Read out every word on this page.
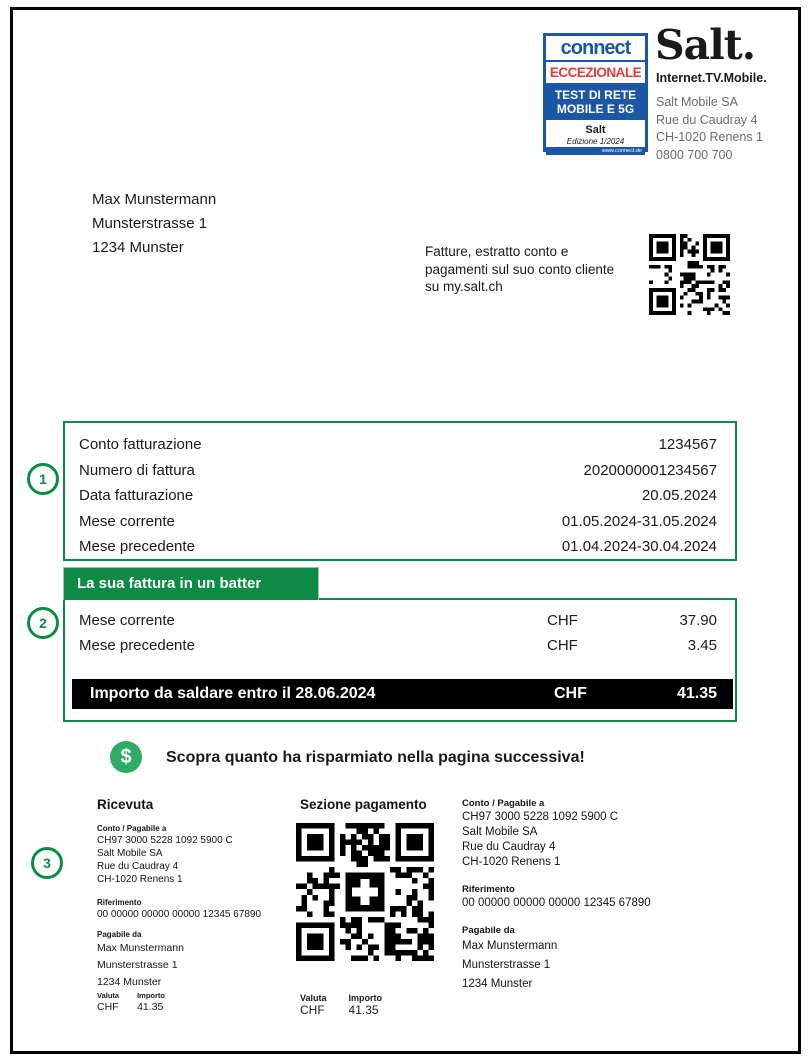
connect
ECCEZIONALE
TEST DI RETE
MOBILE E 5G
Salt
Edizione 1/2024
www.connect.de
Salt.
Internet.TV.Mobile.
Salt Mobile SA
Rue du Caudray 4
CH-1020 Renens 1
0800 700 700
Max Munstermann
Munsterstrasse 1
1234 Munster	Fatture, estratto conto e
pagamenti sul suo conto cliente
su my.salt.ch
1
2
3
Conto fatturazione	1234567
Numero di fattura	2020000001234567
Data fatturazione	20.05.2024
Mese corrente	01.05.2024-31.05.2024
Mese precedente	01.04.2024-30.04.2024
La sua fattura in un batter
Mese corrente	CHF	37.90
Mese precedente	CHF	3.45
Importo da saldare entro il 28.06.2024	CHF	41.35
$	Scopra quanto ha risparmiato nella pagina successiva!
Ricevuta
Conto / Pagabile a
CH97 3000 5228 1092 5900 C
Salt Mobile SA
Rue du Caudray 4
CH-1020 Renens 1
Riferimento
00 00000 00000 00000 12345 67890
Pagabile da
Max Munstermann
Munsterstrasse 1
1234 Munster
Valuta
CHF
Importo
41.35
Sezione pagamento
Valuta
CHF
Importo
41.35
Conto / Pagabile a
CH97 3000 5228 1092 5900 C
Salt Mobile SA
Rue du Caudray 4
CH-1020 Renens 1
Riferimento
00 00000 00000 00000 12345 67890
Pagabile da
Max Munstermann
Munsterstrasse 1
1234 Munster
